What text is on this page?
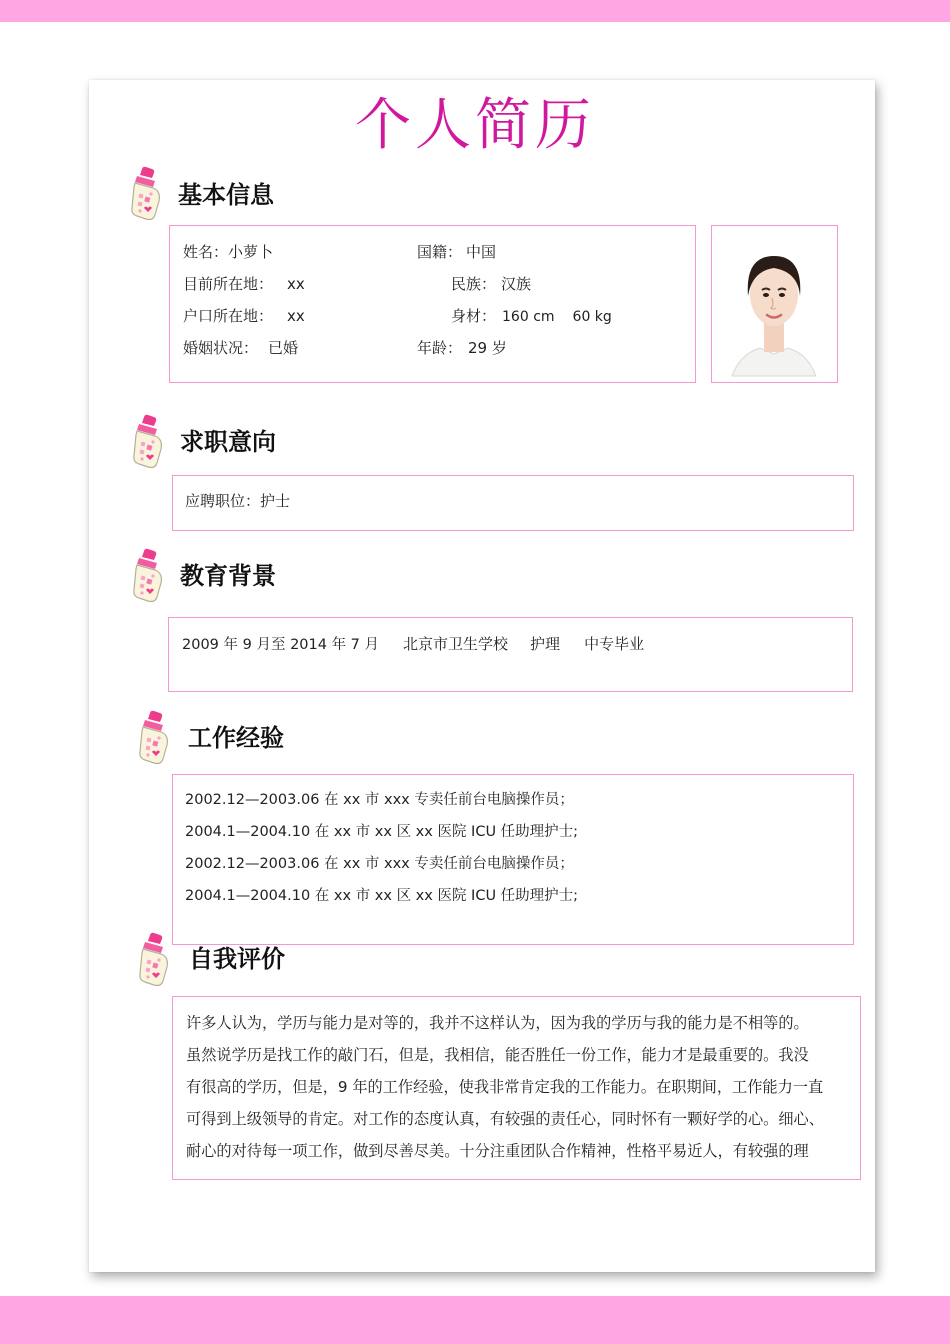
个人简历
基本信息
姓名：小萝卜	国籍： 中国
目前所在地： xx	民族： 汉族
户口所在地： xx	身材： 160 cm 60 kg
婚姻状况： 已婚	年龄： 29 岁
求职意向
应聘职位：护士
教育背景
2009 年 9 月至 2014 年 7 月 北京市卫生学校 护理 中专毕业
工作经验
2002.12—2003.06 在 xx 市 xxx 专卖任前台电脑操作员；
2004.1—2004.10 在 xx 市 xx 区 xx 医院 ICU 任助理护士;
2002.12—2003.06 在 xx 市 xxx 专卖任前台电脑操作员；
2004.1—2004.10 在 xx 市 xx 区 xx 医院 ICU 任助理护士;
自我评价

许多人认为，学历与能力是对等的，我并不这样认为，因为我的学历与我的能力是不相等的。

虽然说学历是找工作的敲门石，但是，我相信，能否胜任一份工作，能力才是最重要的。我没

有很高的学历，但是，9 年的工作经验，使我非常肯定我的工作能力。在职期间，工作能力一直

可得到上级领导的肯定。对工作的态度认真，有较强的责任心，同时怀有一颗好学的心。细心、

耐心的对待每一项工作，做到尽善尽美。十分注重团队合作精神，性格平易近人，有较强的理
